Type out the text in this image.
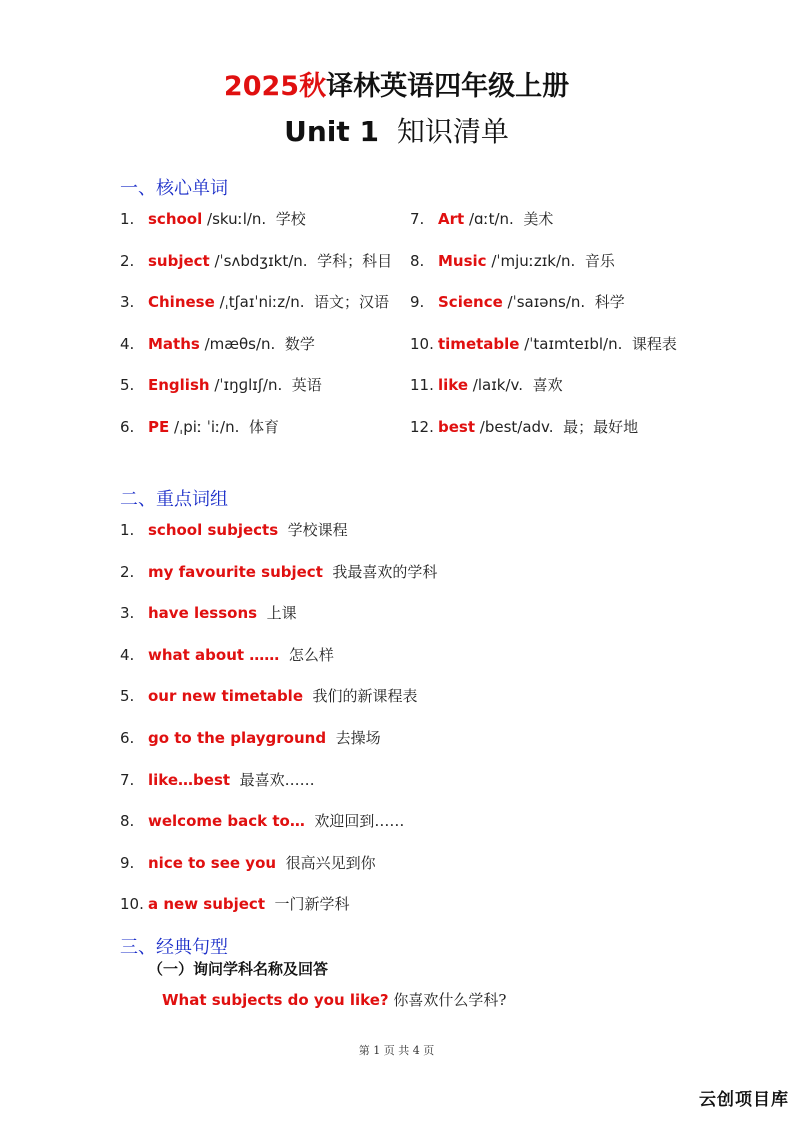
2025秋译林英语四年级上册
Unit 1 知识清单
一、核心单词
1. school /skuːl/n. 学校
2. subject /ˈsʌbdʒɪkt/n. 学科；科目
3. Chinese /ˌtʃaɪˈniːz/n. 语文；汉语
4. Maths /mæθs/n. 数学
5. English /ˈɪŋɡlɪʃ/n. 英语
6. PE /ˌpiː ˈiː/n. 体育
7. Art /ɑːt/n. 美术
8. Music /ˈmjuːzɪk/n. 音乐
9. Science /ˈsaɪəns/n. 科学
10. timetable /ˈtaɪmteɪbl/n. 课程表
11. like /laɪk/v. 喜欢
12. best /best/adv. 最；最好地
二、重点词组
1. school subjects 学校课程
2. my favourite subject 我最喜欢的学科
3. have lessons 上课
4. what about …… 怎么样
5. our new timetable 我们的新课程表
6. go to the playground 去操场
7. like…best 最喜欢……
8. welcome back to… 欢迎回到……
9. nice to see you 很高兴见到你
10. a new subject 一门新学科
三、经典句型
（一）询问学科名称及回答
What subjects do you like? 你喜欢什么学科?
第 1 页 共 4 页
云创项目库
